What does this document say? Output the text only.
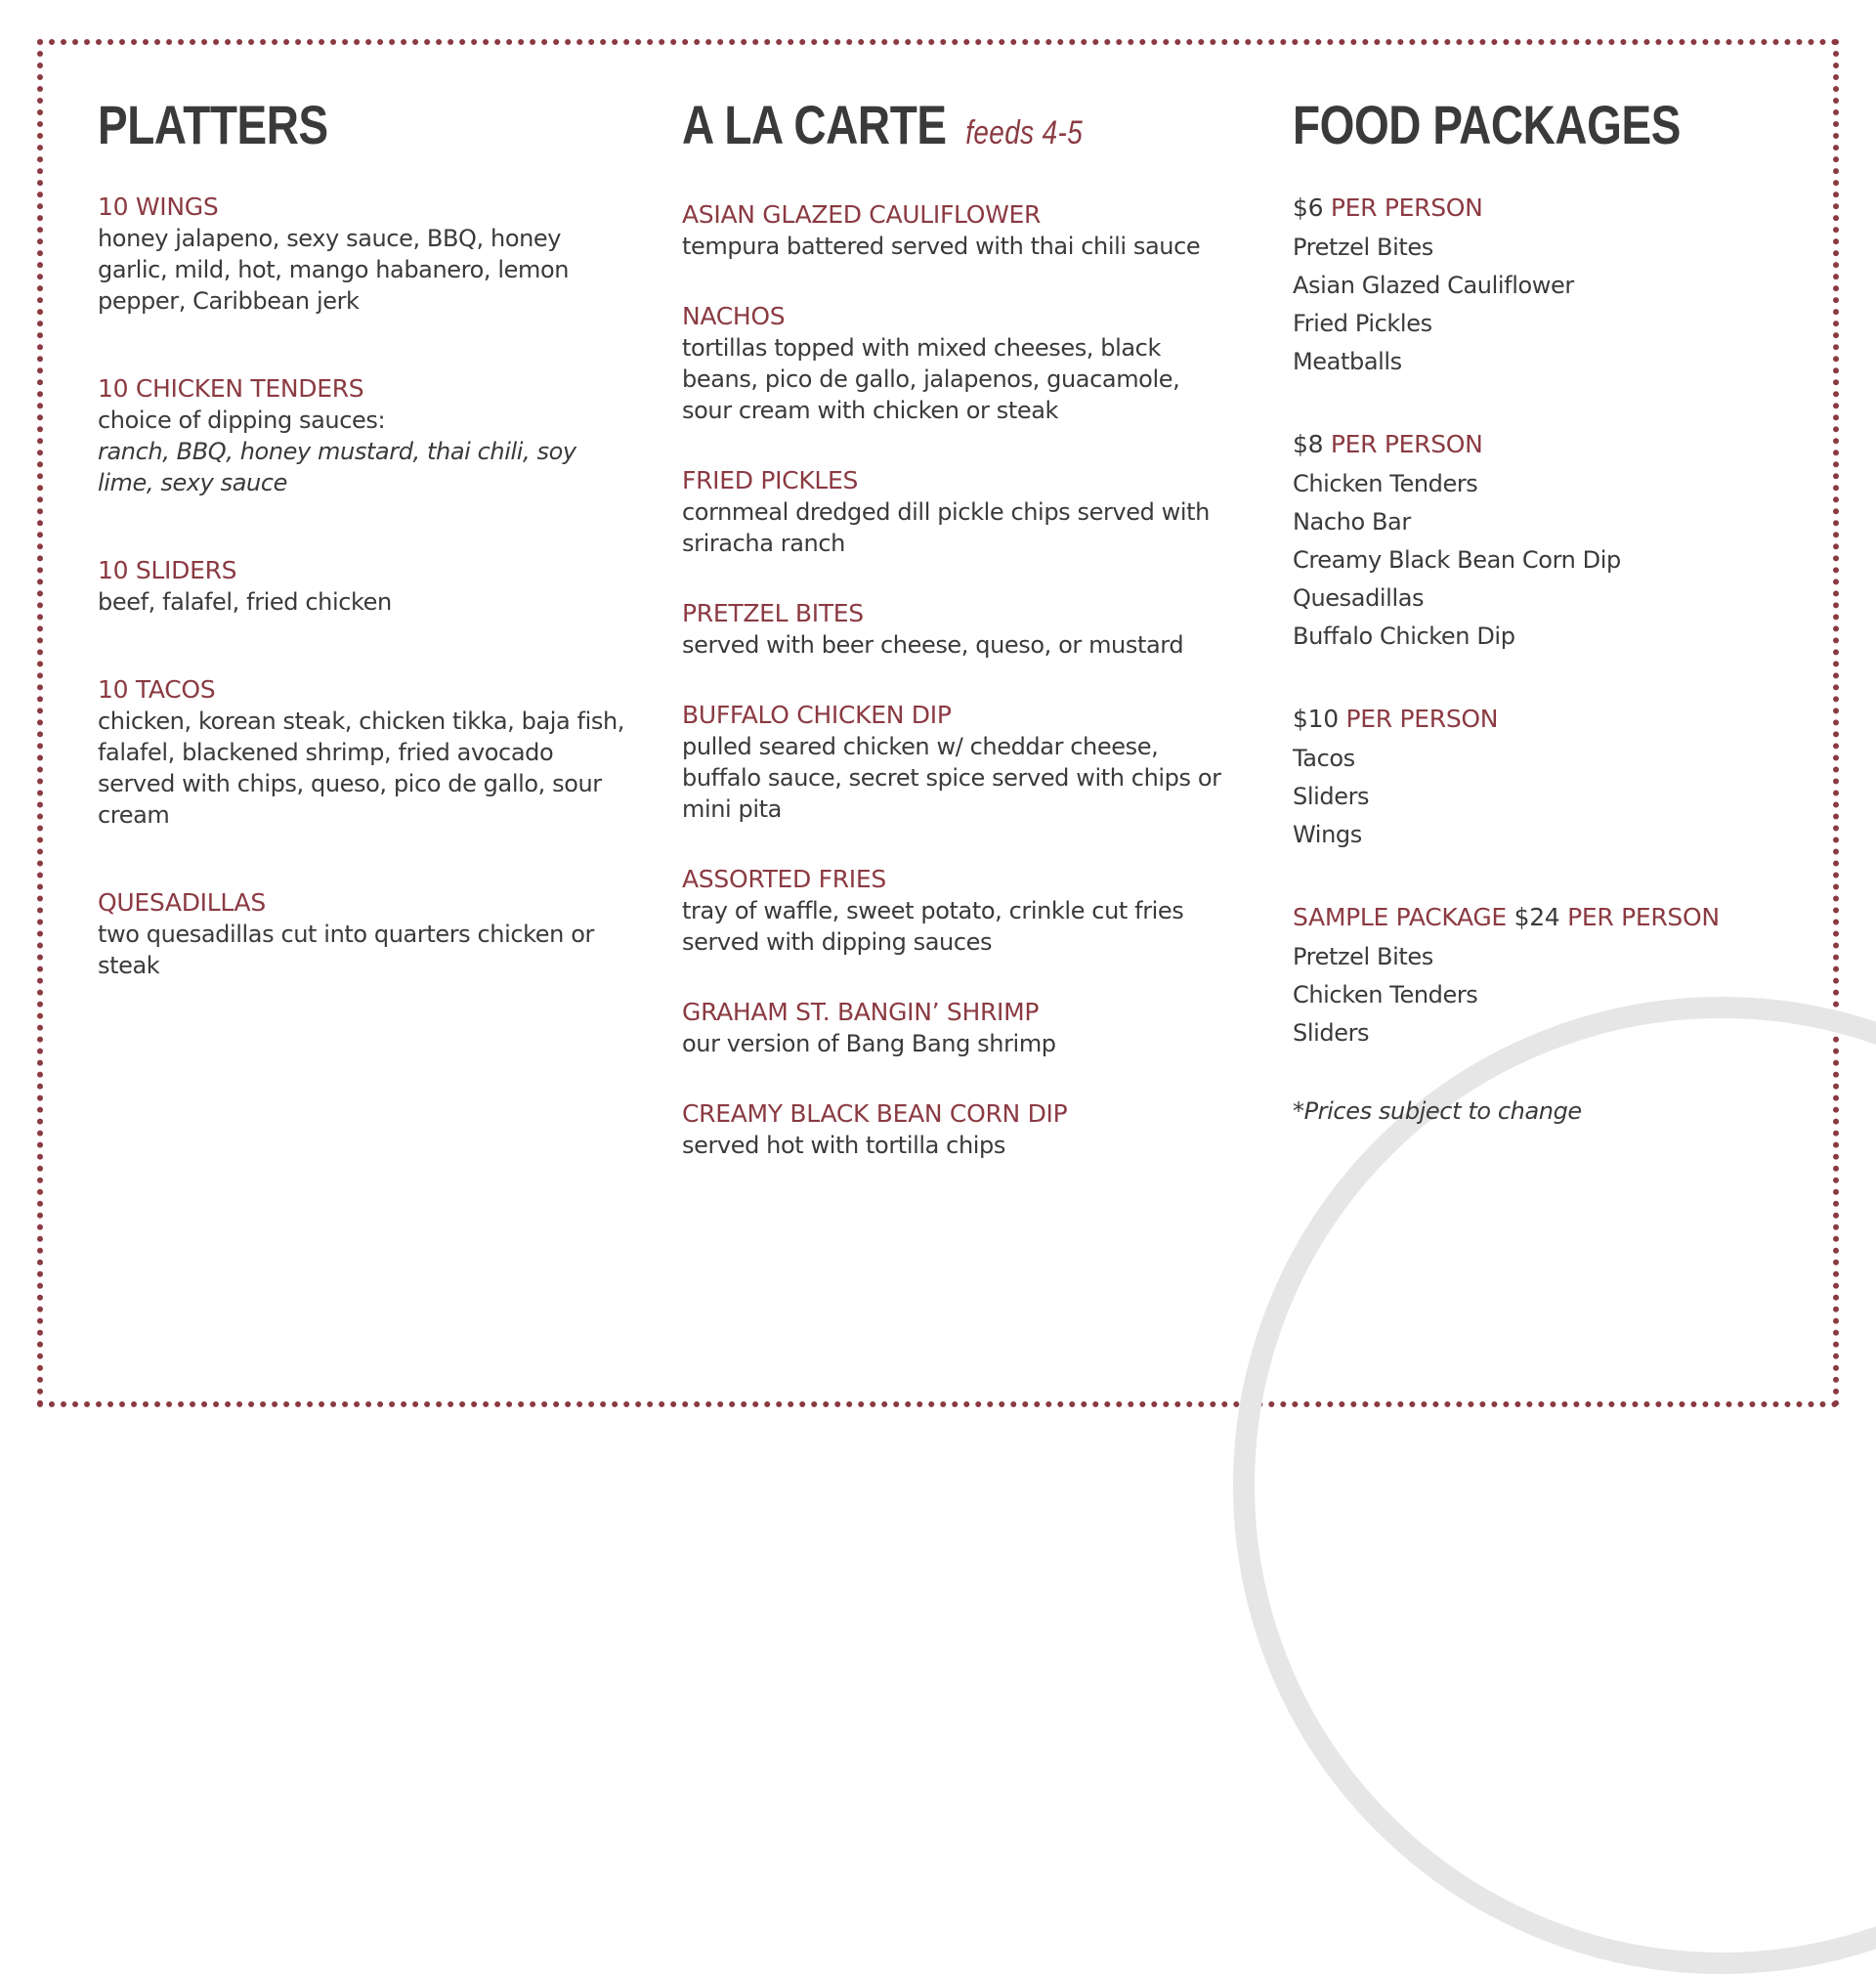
PLATTERS
10 WINGS
honey jalapeno, sexy sauce, BBQ, honey garlic, mild, hot, mango habanero, lemon pepper, Caribbean jerk
10 CHICKEN TENDERS
choice of dipping sauces:
ranch, BBQ, honey mustard, thai chili, soy lime, sexy sauce
10 SLIDERS
beef, falafel, fried chicken
10 TACOS
chicken, korean steak, chicken tikka, baja fish, falafel, blackened shrimp, fried avocado served with chips, queso, pico de gallo, sour cream
QUESADILLAS
two quesadillas cut into quarters chicken or steak
A LA CARTE feeds 4-5
ASIAN GLAZED CAULIFLOWER
tempura battered served with thai chili sauce
NACHOS
tortillas topped with mixed cheeses, black beans, pico de gallo, jalapenos, guacamole, sour cream with chicken or steak
FRIED PICKLES
cornmeal dredged dill pickle chips served with sriracha ranch
PRETZEL BITES
served with beer cheese, queso, or mustard
BUFFALO CHICKEN DIP
pulled seared chicken w/ cheddar cheese, buffalo sauce, secret spice served with chips or mini pita
ASSORTED FRIES
tray of waffle, sweet potato, crinkle cut fries served with dipping sauces
GRAHAM ST. BANGIN’ SHRIMP
our version of Bang Bang shrimp
CREAMY BLACK BEAN CORN DIP
served hot with tortilla chips
FOOD PACKAGES
$6 PER PERSON
Pretzel Bites
Asian Glazed Cauliflower
Fried Pickles
Meatballs
$8 PER PERSON
Chicken Tenders
Nacho Bar
Creamy Black Bean Corn Dip
Quesadillas
Buffalo Chicken Dip
$10 PER PERSON
Tacos
Sliders
Wings
SAMPLE PACKAGE $24 PER PERSON
Pretzel Bites
Chicken Tenders
Sliders
*Prices subject to change
